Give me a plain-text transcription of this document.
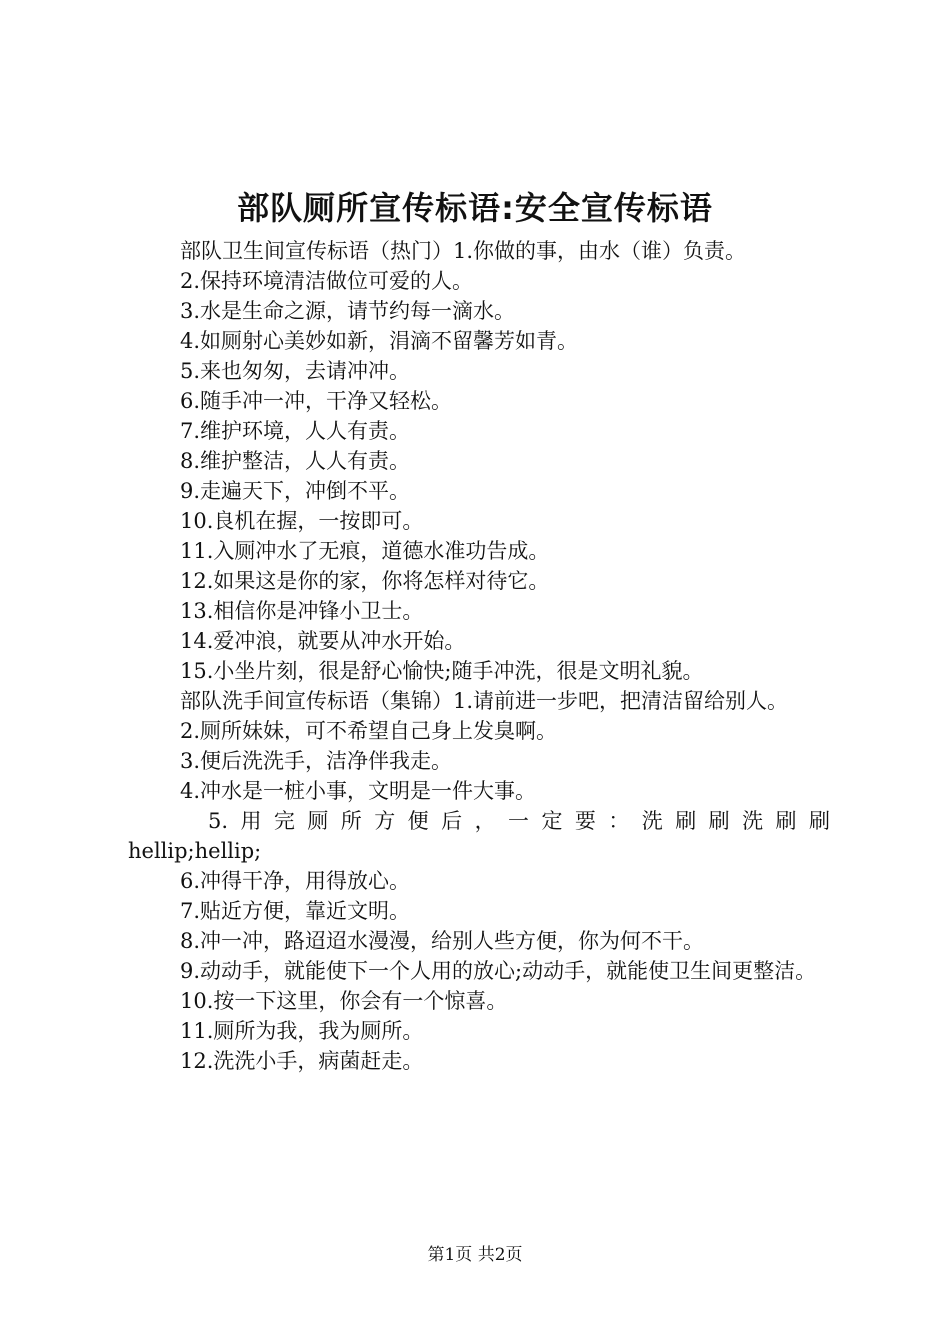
部队厕所宣传标语:安全宣传标语

部队卫生间宣传标语（热门）1.你做的事，由水（谁）负责。

2.保持环境清洁做位可爱的人。

3.水是生命之源，请节约每一滴水。

4.如厕射心美妙如新，涓滴不留馨芳如青。

5.来也匆匆，去请冲冲。

6.随手冲一冲，干净又轻松。

7.维护环境，人人有责。

8.维护整洁，人人有责。

9.走遍天下，冲倒不平。

10.良机在握，一按即可。

11.入厕冲水了无痕，道德水准功告成。

12.如果这是你的家，你将怎样对待它。

13.相信你是冲锋小卫士。

14.爱冲浪，就要从冲水开始。

15.小坐片刻，很是舒心愉快;随手冲洗，很是文明礼貌。

部队洗手间宣传标语（集锦）1.请前进一步吧，把清洁留给别人。

2.厕所妹妹，可不希望自己身上发臭啊。

3.便后洗洗手，洁净伴我走。

4.冲水是一桩小事，文明是一件大事。

5.用完厕所方便后，一定要：洗刷刷洗刷刷

hellip;hellip;

6.冲得干净，用得放心。

7.贴近方便，靠近文明。

8.冲一冲，路迢迢水漫漫，给别人些方便，你为何不干。

9.动动手，就能使下一个人用的放心;动动手，就能使卫生间更整洁。

10.按一下这里，你会有一个惊喜。

11.厕所为我，我为厕所。

12.洗洗小手，病菌赶走。

第1页 共2页
